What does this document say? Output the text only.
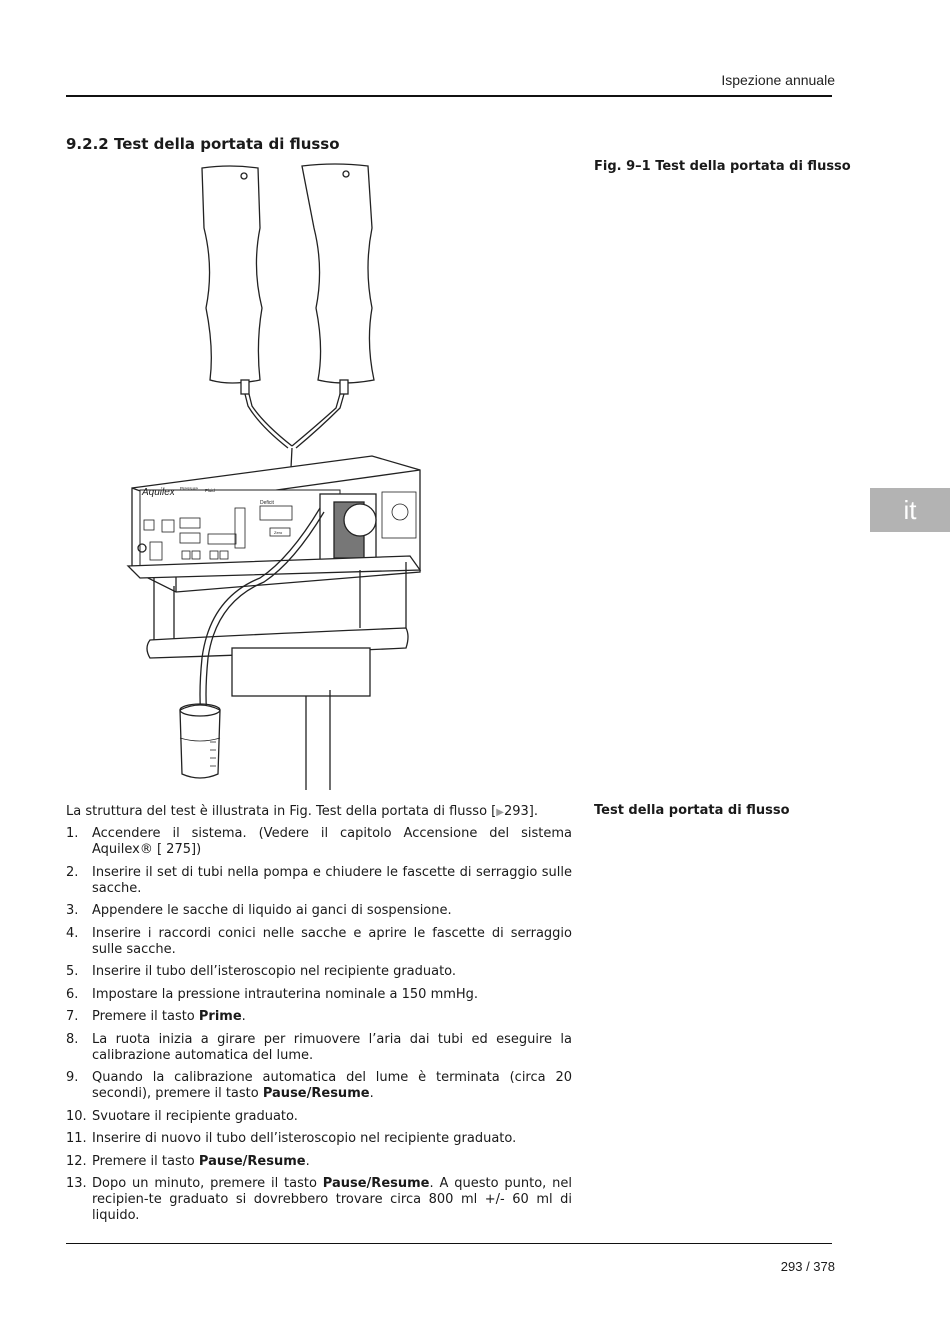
Ispezione annuale
9.2.2 Test della portata di flusso
Fig. 9–1 Test della portata di flusso
it
Aquilex Pressure Fluid
Deficit
Zero
La struttura del test è illustrata in Fig. Test della portata di flusso [▶293].	Test della portata di flusso
1.	Accendere il sistema. (Vedere il capitolo Accensione del sistema Aquilex® [ 275])
2.	Inserire il set di tubi nella pompa e chiudere le fascette di serraggio sulle sacche.
3.	Appendere le sacche di liquido ai ganci di sospensione.
4.	Inserire i raccordi conici nelle sacche e aprire le fascette di serraggio sulle sacche.
5.	Inserire il tubo dell’isteroscopio nel recipiente graduato.
6.	Impostare la pressione intrauterina nominale a 150 mmHg.
7.	Premere il tasto Prime.
8.	La ruota inizia a girare per rimuovere l’aria dai tubi ed eseguire la calibrazione automatica del lume.
9.	Quando la calibrazione automatica del lume è terminata (circa 20 secondi), premere il tasto Pause/Resume.
10. Svuotare il recipiente graduato.
11. Inserire di nuovo il tubo dell’isteroscopio nel recipiente graduato.
12. Premere il tasto Pause/Resume.
13. Dopo un minuto, premere il tasto Pause/Resume. A questo punto, nel recipien-te graduato si dovrebbero trovare circa 800 ml +/- 60 ml di liquido.
293 / 378
